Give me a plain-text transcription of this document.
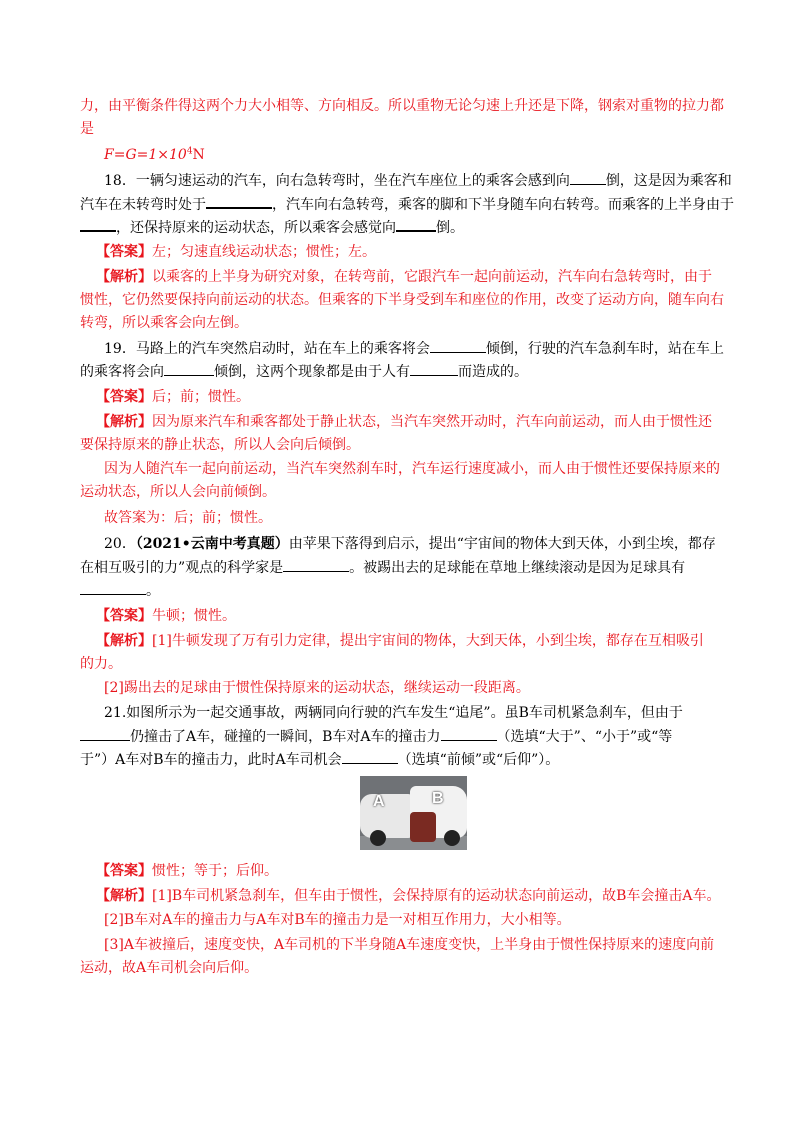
力，由平衡条件得这两个力大小相等、方向相反。所以重物无论匀速上升还是下降，钢索对重物的拉力都
是
$F=G=1\times 10^4N$
18．一辆匀速运动的汽车，向右急转弯时，坐在汽车座位上的乘客会感到向	倒，这是因为乘客和
汽车在未转弯时处于	，汽车向右急转弯，乘客的脚和下半身随车向右转弯。而乘客的上半身由于
，还保持原来的运动状态，所以乘客会感觉向	倒。
【答案】左；匀速直线运动状态；惯性；左。
【解析】以乘客的上半身为研究对象，在转弯前，它跟汽车一起向前运动，汽车向右急转弯时，由于
惯性，它仍然要保持向前运动的状态。但乘客的下半身受到车和座位的作用，改变了运动方向，随车向右
转弯，所以乘客会向左倒。
19．马路上的汽车突然启动时，站在车上的乘客将会	倾倒，行驶的汽车急刹车时，站在车上
的乘客将会向	倾倒，这两个现象都是由于人有	而造成的。
【答案】后；前；惯性。
【解析】因为原来汽车和乘客都处于静止状态，当汽车突然开动时，汽车向前运动，而人由于惯性还
要保持原来的静止状态，所以人会向后倾倒。
因为人随汽车一起向前运动，当汽车突然刹车时，汽车运行速度减小，而人由于惯性还要保持原来的
运动状态，所以人会向前倾倒。
故答案为：后；前；惯性。
20．（2021•云南中考真题）由苹果下落得到启示，提出“宇宙间的物体大到天体，小到尘埃，都存
在相互吸引的力”观点的科学家是	。被踢出去的足球能在草地上继续滚动是因为足球具有
。
【答案】牛顿；惯性。
【解析】[1]牛顿发现了万有引力定律，提出宇宙间的物体，大到天体，小到尘埃，都存在互相吸引
的力。
[2]踢出去的足球由于惯性保持原来的运动状态，继续运动一段距离。
21.如图所示为一起交通事故，两辆同向行驶的汽车发生“追尾”。虽B车司机紧急刹车，但由于
仍撞击了A车，碰撞的一瞬间，B车对A车的撞击力	（选填“大于”、“小于”或“等
于”）A车对B车的撞击力，此时A车司机会	（选填“前倾”或“后仰”）。
A	B
【答案】惯性；等于；后仰。
【解析】[1]B车司机紧急刹车，但车由于惯性，会保持原有的运动状态向前运动，故B车会撞击A车。
[2]B车对A车的撞击力与A车对B车的撞击力是一对相互作用力，大小相等。
[3]A车被撞后，速度变快，A车司机的下半身随A车速度变快，上半身由于惯性保持原来的速度向前
运动，故A车司机会向后仰。
